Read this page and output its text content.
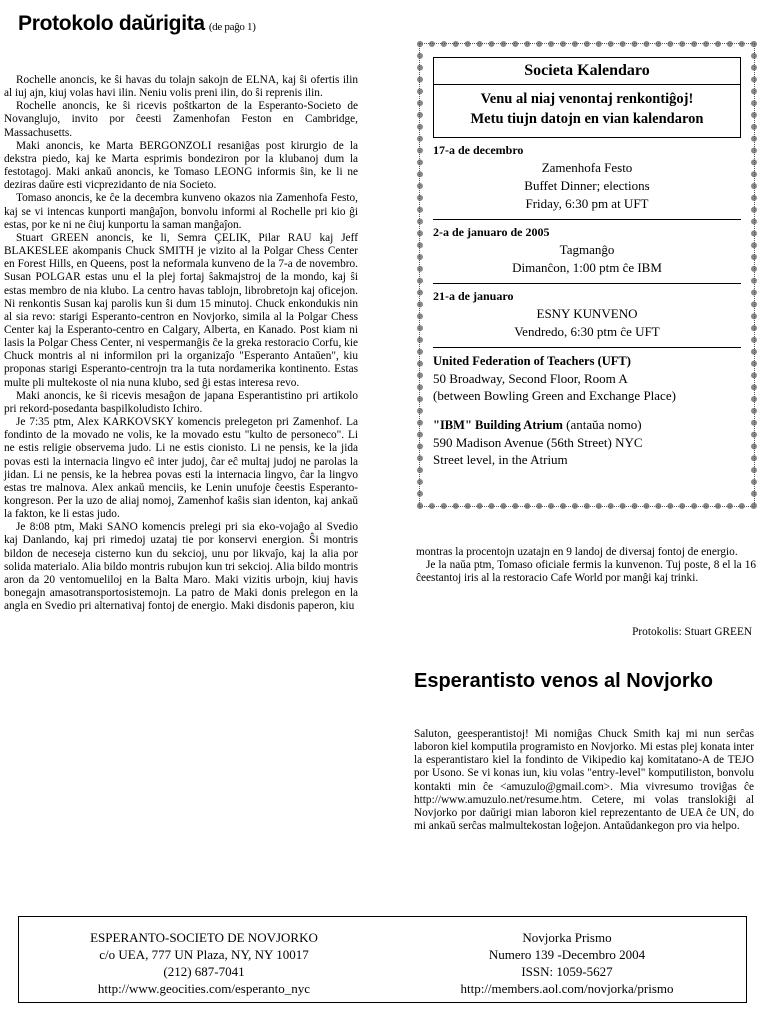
Protokolo daŭrigita (de paĝo 1)

Rochelle anoncis, ke ŝi havas du tolajn sakojn de ELNA, kaj ŝi ofertis ilin al iuj ajn, kiuj volas havi ilin. Neniu volis preni ilin, do ŝi reprenis ilin.

Rochelle anoncis, ke ŝi ricevis poŝtkarton de la Esperanto-Societo de Novanglujo, invito por ĉeesti Zamenhofan Feston en Cambridge, Massachusetts.

Maki anoncis, ke Marta BERGONZOLI resaniĝas post kirurgio de la dekstra piedo, kaj ke Marta esprimis bondeziron por la klubanoj dum la festotagoj. Maki ankaŭ anoncis, ke Tomaso LEONG informis ŝin, ke li ne deziras daŭre esti vicprezidanto de nia Societo.

Tomaso anoncis, ke ĉe la decembra kunveno okazos nia Zamenhofa Festo, kaj se vi intencas kunporti manĝaĵon, bonvolu informi al Rochelle pri kio ĝi estas, por ke ni ne ĉiuj kunportu la saman manĝaĵon.

Stuart GREEN anoncis, ke li, Semra ÇELIK, Pilar RAU kaj Jeff BLAKESLEE akompanis Chuck SMITH je vizito al la Polgar Chess Center en Forest Hills, en Queens, post la neformala kunveno de la 7-a de novembro. Susan POLGAR estas unu el la plej fortaj ŝakmajstroj de la mondo, kaj ŝi estas membro de nia klubo. La centro havas tablojn, librobretojn kaj oficejon. Ni renkontis Susan kaj parolis kun ŝi dum 15 minutoj. Chuck enkondukis nin al sia revo: starigi Esperanto-centron en Novjorko, simila al la Polgar Chess Center kaj la Esperanto-centro en Calgary, Alberta, en Kanado. Post kiam ni lasis la Polgar Chess Center, ni vespermanĝis ĉe la greka restoracio Corfu, kie Chuck montris al ni informilon pri la organizaĵo "Esperanto Antaŭen", kiu proponas starigi Esperanto-centrojn tra la tuta nordamerika kontinento. Estas multe pli multekoste ol nia nuna klubo, sed ĝi estas interesa revo.

Maki anoncis, ke ŝi ricevis mesaĝon de japana Esperantistino pri artikolo pri rekord-posedanta baspilkoludisto Ichiro.

Je 7:35 ptm, Alex KARKOVSKY komencis prelegeton pri Zamenhof. La fondinto de la movado ne volis, ke la movado estu "kulto de personeco". Li ne estis religie observema judo. Li ne estis cionisto. Li ne pensis, ke la jida povas esti la internacia lingvo eĉ inter judoj, ĉar eĉ multaj judoj ne parolas la jidan. Li ne pensis, ke la hebrea povas esti la internacia lingvo, ĉar la lingvo estas tre malnova. Alex ankaŭ menciis, ke Lenin unufoje ĉeestis Esperanto-kongreson. Per la uzo de aliaj nomoj, Zamenhof kaŝis sian identon, kaj ankaŭ la fakton, ke li estas judo.

Je 8:08 ptm, Maki SANO komencis prelegi pri sia eko-vojaĝo al Svedio kaj Danlando, kaj pri rimedoj uzataj tie por konservi energion. Ŝi montris bildon de neceseja cisterno kun du sekcioj, unu por likvaĵo, kaj la alia por solida materialo. Alia bildo montris rubujon kun tri sekcioj. Alia bildo montris aron da 20 ventomueliloj en la Balta Maro. Maki vizitis urbojn, kiuj havis bonegajn amasotransportosistemojn. La patro de Maki donis prelegon en la angla en Svedio pri alternativaj fontoj de energio. Maki disdonis paperon, kiu

Societa Kalendaro
Venu al niaj venontaj renkontiĝoj!
Metu tiujn datojn en vian kalendaron
17-a de decembro
Zamenhofa Festo
Buffet Dinner; elections
Friday, 6:30 pm at UFT
2-a de januaro de 2005
Tagmanĝo
Dimanĉon, 1:00 ptm ĉe IBM
21-a de januaro
ESNY KUNVENO
Vendredo, 6:30 ptm ĉe UFT
United Federation of Teachers (UFT)
50 Broadway, Second Floor, Room A
(between Bowling Green and Exchange Place)
"IBM" Building Atrium (antaŭa nomo)
590 Madison Avenue (56th Street) NYC
Street level, in the Atrium

montras la procentojn uzatajn en 9 landoj de diversaj fontoj de energio.

Je la naŭa ptm, Tomaso oficiale fermis la kunvenon. Tuj poste, 8 el la 16 ĉeestantoj iris al la restoracio Cafe World por manĝi kaj trinki.

Protokolis: Stuart GREEN
Esperantisto venos al Novjorko
Saluton, geesperantistoj! Mi nomiĝas Chuck Smith kaj mi nun serĉas laboron kiel komputila programisto en Novjorko. Mi estas plej konata inter la esperantistaro kiel la fondinto de Vikipedio kaj komitatano-A de TEJO por Usono. Se vi konas iun, kiu volas "entry-level" komputiliston, bonvolu kontakti min ĉe <amuzulo@gmail.com>. Mia vivresumo troviĝas ĉe http://www.amuzulo.net/resume.htm. Cetere, mi volas translokiĝi al Novjorko por daŭrigi mian laboron kiel reprezentanto de UEA ĉe UN, do mi ankaŭ serĉas malmultekostan loĝejon. Antaŭdankegon pro via helpo.
ESPERANTO-SOCIETO DE NOVJORKO
c/o UEA, 777 UN Plaza, NY, NY 10017
(212) 687-7041
http://www.geocities.com/esperanto_nyc
Novjorka Prismo
Numero 139 -Decembro 2004
ISSN: 1059-5627
http://members.aol.com/novjorka/prismo
